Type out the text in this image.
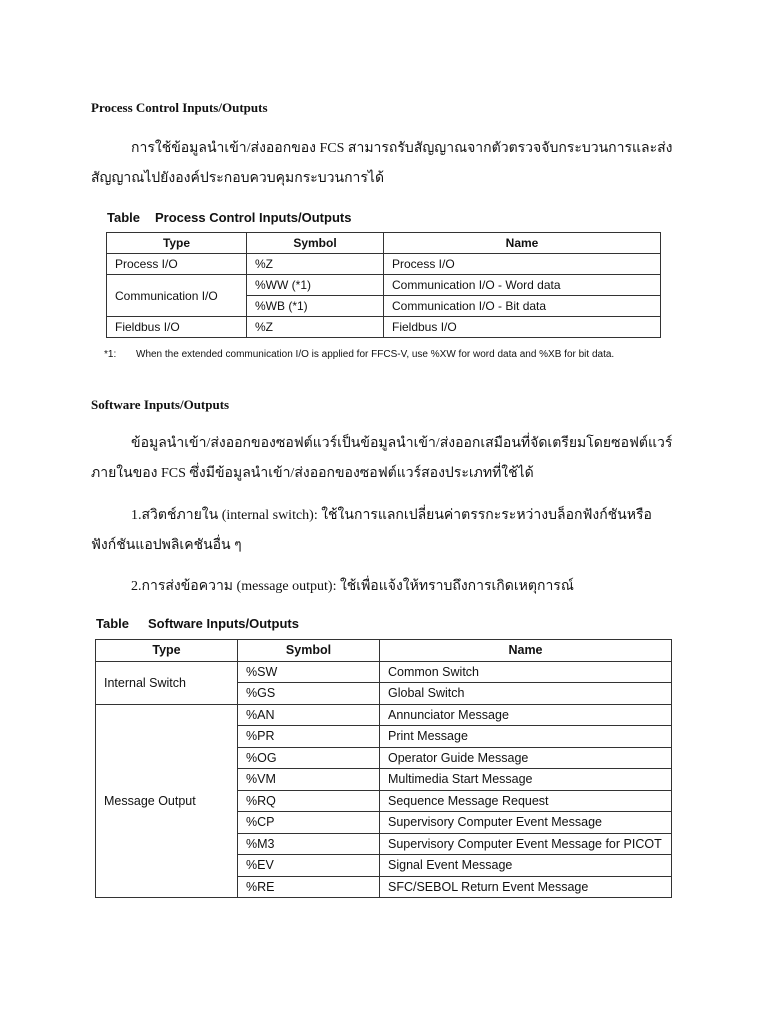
Process Control Inputs/Outputs
การใช้ข้อมูลนำเข้า/ส่งออกของ FCS สามารถรับสัญญาณจากตัวตรวจจับกระบวนการและส่งสัญญาณไปยังองค์ประกอบควบคุมกระบวนการได้
Table Process Control Inputs/Outputs
Type	Symbol	Name
Process I/O	%Z	Process I/O
Communication I/O	%WW (*1)	Communication I/O - Word data
	%WB (*1)	Communication I/O - Bit data
Fieldbus I/O	%Z	Fieldbus I/O
*1: When the extended communication I/O is applied for FFCS-V, use %XW for word data and %XB for bit data.
Software Inputs/Outputs
ข้อมูลนำเข้า/ส่งออกของซอฟต์แวร์เป็นข้อมูลนำเข้า/ส่งออกเสมือนที่จัดเตรียมโดยซอฟต์แวร์ภายในของ FCS ซึ่งมีข้อมูลนำเข้า/ส่งออกของซอฟต์แวร์สองประเภทที่ใช้ได้
1.สวิตช์ภายใน (internal switch): ใช้ในการแลกเปลี่ยนค่าตรรกะระหว่างบล็อกฟังก์ชันหรือฟังก์ชันแอปพลิเคชันอื่น ๆ
2.การส่งข้อความ (message output): ใช้เพื่อแจ้งให้ทราบถึงการเกิดเหตุการณ์
Table Software Inputs/Outputs
Type	Symbol	Name
Internal Switch	%SW	Common Switch
	%GS	Global Switch
Message Output	%AN	Annunciator Message
	%PR	Print Message
	%OG	Operator Guide Message
	%VM	Multimedia Start Message
	%RQ	Sequence Message Request
	%CP	Supervisory Computer Event Message
	%M3	Supervisory Computer Event Message for PICOT
	%EV	Signal Event Message
	%RE	SFC/SEBOL Return Event Message
